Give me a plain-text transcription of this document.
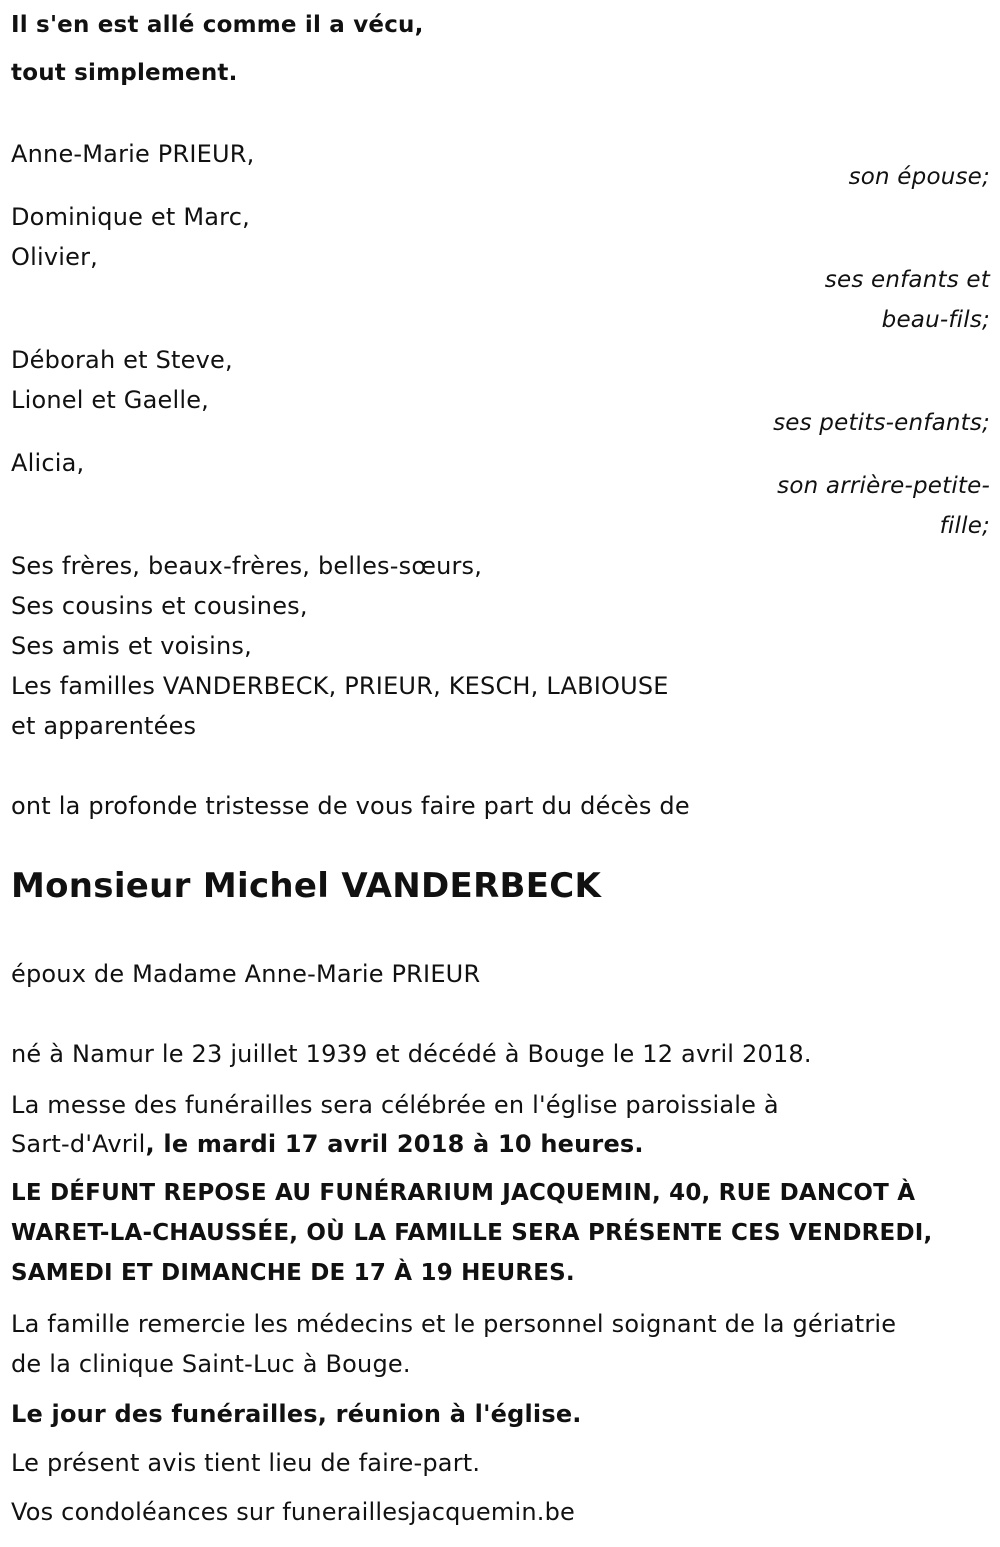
Il s'en est allé comme il a vécu,
tout simplement.
Anne-Marie PRIEUR,
son épouse;
Dominique et Marc,
Olivier,
ses enfants et
beau-fils;
Déborah et Steve,
Lionel et Gaelle,
ses petits-enfants;
Alicia,
son arrière-petite-
fille;
Ses frères, beaux-frères, belles-sœurs,
Ses cousins et cousines,
Ses amis et voisins,
Les familles VANDERBECK, PRIEUR, KESCH, LABIOUSE
et apparentées
ont la profonde tristesse de vous faire part du décès de
Monsieur Michel VANDERBECK
époux de Madame Anne-Marie PRIEUR
né à Namur le 23 juillet 1939 et décédé à Bouge le 12 avril 2018.
La messe des funérailles sera célébrée en l'église paroissiale à
Sart-d'Avril, le mardi 17 avril 2018 à 10 heures.
LE DÉFUNT REPOSE AU FUNÉRARIUM JACQUEMIN, 40, RUE DANCOT À
WARET-LA-CHAUSSÉE, OÙ LA FAMILLE SERA PRÉSENTE CES VENDREDI,
SAMEDI ET DIMANCHE DE 17 À 19 HEURES.
La famille remercie les médecins et le personnel soignant de la gériatrie
de la clinique Saint-Luc à Bouge.
Le jour des funérailles, réunion à l'église.
Le présent avis tient lieu de faire-part.
Vos condoléances sur funeraillesjacquemin.be
